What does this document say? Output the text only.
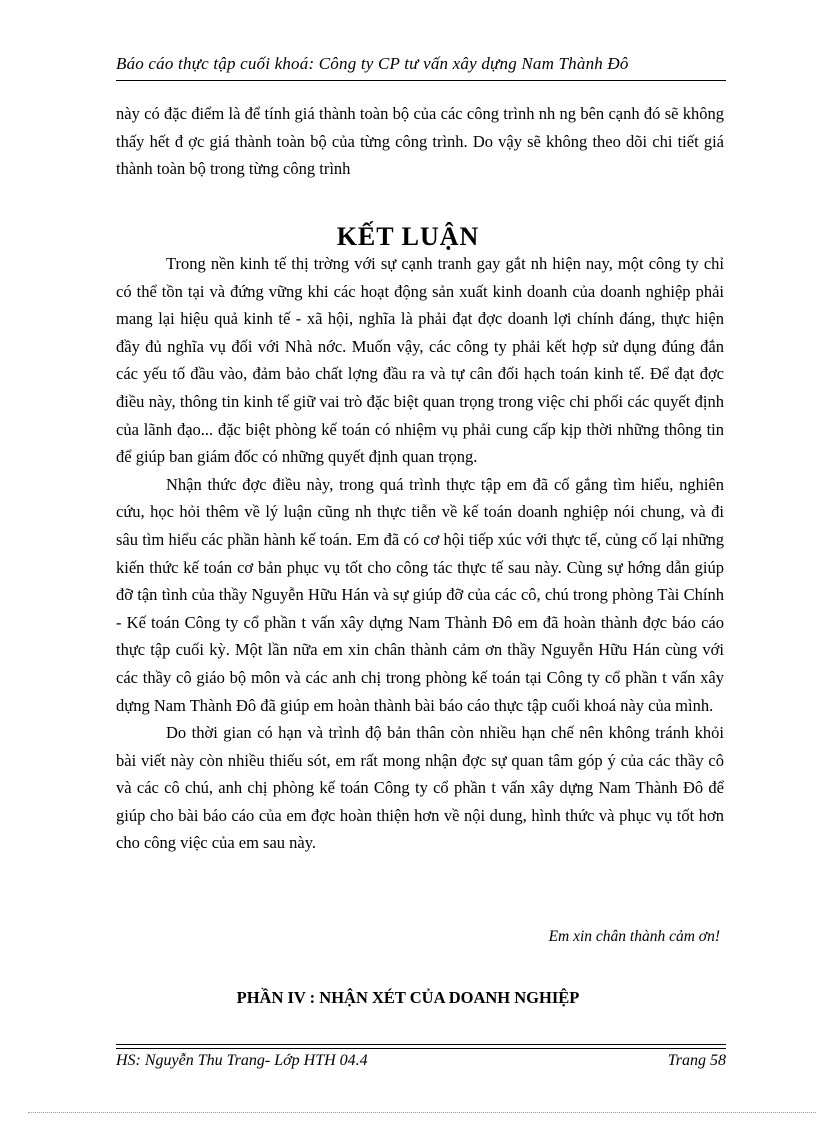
Báo cáo thực tập cuối khoá: Công ty CP tư vấn xây dựng Nam Thành Đô

này có đặc điểm là để tính giá thành toàn bộ của các công trình nh ng bên cạnh đó sẽ không thấy hết đ ợc giá thành toàn bộ của từng công trình. Do vậy sẽ không theo dõi chi tiết giá thành toàn bộ trong từng công trình

KẾT LUẬN

Trong nền kinh tế thị trờng với sự cạnh tranh gay gắt nh hiện nay, một công ty chỉ có thể tồn tại và đứng vững khi các hoạt động sản xuất kinh doanh của doanh nghiệp phải mang lại hiệu quả kinh tế - xã hội, nghĩa là phải đạt đợc doanh lợi chính đáng, thực hiện đầy đủ nghĩa vụ đối với Nhà nớc. Muốn vậy, các công ty phải kết hợp sử dụng đúng đắn các yếu tố đầu vào, đảm bảo chất lợng đầu ra và tự cân đối hạch toán kinh tế. Để đạt đợc điều này, thông tin kinh tế giữ vai trò đặc biệt quan trọng trong việc chi phối các quyết định của lãnh đạo... đặc biệt phòng kế toán có nhiệm vụ phải cung cấp kịp thời những thông tin để giúp ban giám đốc có những quyết định quan trọng.

Nhận thức đợc điều này, trong quá trình thực tập em đã cố gắng tìm hiểu, nghiên cứu, học hỏi thêm về lý luận cũng nh thực tiễn về kế toán doanh nghiệp nói chung, và đi sâu tìm hiểu các phần hành kế toán. Em đã có cơ hội tiếp xúc với thực tế, củng cố lại những kiến thức kế toán cơ bản phục vụ tốt cho công tác thực tế sau này. Cùng sự hớng dẫn giúp đỡ tận tình của thầy Nguyễn Hữu Hán và sự giúp đỡ của các cô, chú trong phòng Tài Chính - Kế toán Công ty cổ phần t vấn xây dựng Nam Thành Đô em đã hoàn thành đợc báo cáo thực tập cuối kỳ. Một lần nữa em xin chân thành cảm ơn thầy Nguyễn Hữu Hán cùng với các thầy cô giáo bộ môn và các anh chị trong phòng kế toán tại Công ty cổ phần t vấn xây dựng Nam Thành Đô đã giúp em hoàn thành bài báo cáo thực tập cuối khoá này của mình.

Do thời gian có hạn và trình độ bản thân còn nhiều hạn chế nên không tránh khỏi bài viết này còn nhiều thiếu sót, em rất mong nhận đợc sự quan tâm góp ý của các thầy cô và các cô chú, anh chị phòng kế toán Công ty cổ phần t vấn xây dựng Nam Thành Đô để giúp cho bài báo cáo của em đợc hoàn thiện hơn về nội dung, hình thức và phục vụ tốt hơn cho công việc của em sau này.

Em xin chân thành cảm ơn!
PHẦN IV : NHẬN XÉT CỦA DOANH NGHIỆP
HS: Nguyễn Thu Trang- Lớp HTH 04.4	Trang 58
